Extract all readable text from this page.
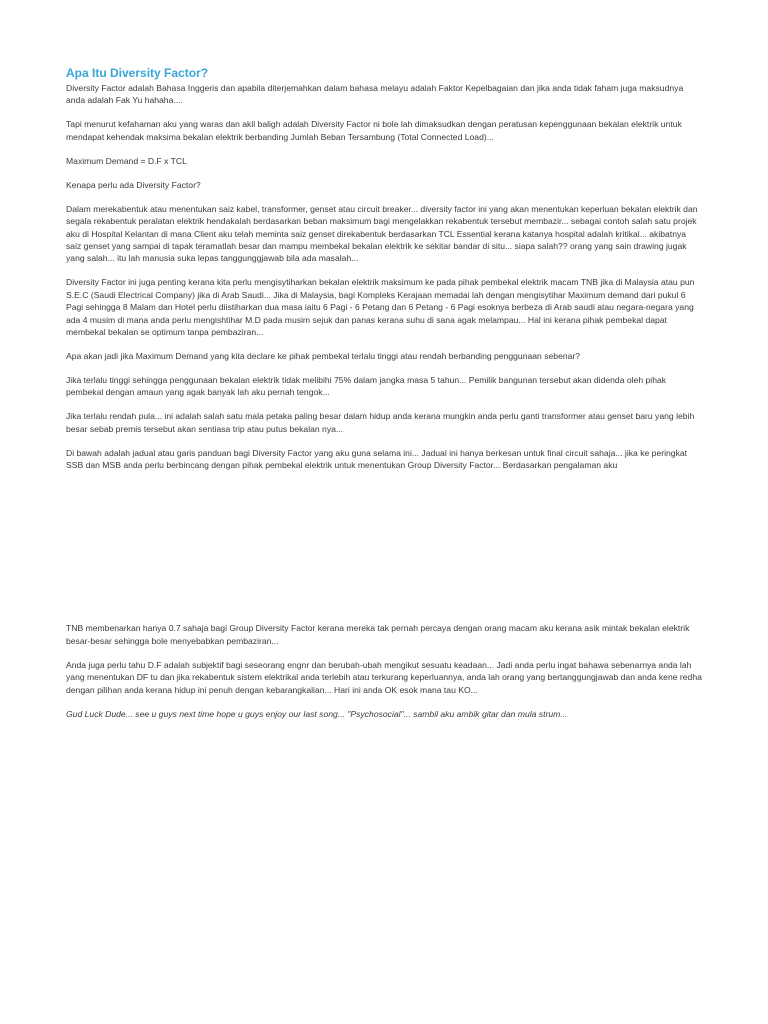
Apa Itu Diversity Factor?

Diversity Factor adalah Bahasa Inggeris dan apabila diterjemahkan dalam bahasa melayu adalah Faktor Kepelbagaian dan jika anda tidak faham juga maksudnya anda adalah Fak Yu hahaha....

Tapi menurut kefahaman aku yang waras dan akil baligh adalah Diversity Factor ni bole lah dimaksudkan dengan peratusan kepenggunaan bekalan elektrik untuk mendapat kehendak maksima bekalan elektrik berbanding Jumlah Beban Tersambung (Total Connected Load)...

Maximum Demand = D.F x TCL

Kenapa perlu ada Diversity Factor?

Dalam merekabentuk atau menentukan saiz kabel, transformer, genset atau circuit breaker... diversity factor ini yang akan menentukan keperluan bekalan elektrik dan segala rekabentuk peralatan elektrik hendakalah berdasarkan beban maksimum bagi mengelakkan rekabentuk tersebut membazir... sebagai contoh salah satu projek aku di Hospital Kelantan di mana Client aku telah meminta saiz genset direkabentuk berdasarkan TCL Essential kerana katanya hospital adalah kritikal... akibatnya saiz genset yang sampai di tapak teramatlah besar dan mampu membekal bekalan elektrik ke sekitar bandar di situ... siapa salah?? orang yang sain drawing jugak yang salah... itu lah manusia suka lepas tanggunggjawab bila ada masalah...

Diversity Factor ini juga penting kerana kita perlu mengisytiharkan bekalan elektrik maksimum ke pada pihak pembekal elektrik macam TNB jika di Malaysia atau pun S.E.C (Saudi Electrical Company) jika di Arab Saudi... Jika di Malaysia, bagi Kompleks Kerajaan memadai lah dengan mengisytihar Maximum demand dari pukul 6 Pagi sehingga 8 Malam dan Hotel perlu diistiharkan dua masa iaitu 6 Pagi - 6 Petang dan 6 Petang - 6 Pagi esoknya berbeza di Arab saudi atau negara-negara yang ada 4 musim di mana anda perlu mengishtihar M.D pada musim sejuk dan panas kerana suhu di sana agak melampau... Hal ini kerana pihak pembekal dapat membekal bekalan se optimum tanpa pembaziran...

Apa akan jadi jika Maximum Demand yang kita declare ke pihak pembekal terlalu tinggi atau rendah berbanding penggunaan sebenar?

Jika terlalu tinggi sehingga penggunaan bekalan elektrik tidak melibihi 75% dalam jangka masa 5 tahun... Pemilik bangunan tersebut akan didenda oleh pihak pembekal dengan amaun yang agak banyak lah aku pernah tengok...

Jika terlalu rendah pula... ini adalah salah satu mala petaka paling besar dalam hidup anda kerana mungkin anda perlu ganti transformer atau genset baru yang lebih besar sebab premis tersebut akan sentiasa trip atau putus bekalan nya...

Di bawah adalah jadual atau garis panduan bagi Diversity Factor yang aku guna selama ini... Jadual ini hanya berkesan untuk final circuit sahaja... jika ke peringkat SSB dan MSB anda perlu berbincang dengan pihak pembekal elektrik untuk menentukan Group Diversity Factor... Berdasarkan pengalaman aku

TNB membenarkan hanya 0.7 sahaja bagi Group Diversity Factor kerana mereka tak pernah percaya dengan orang macam aku kerana asik mintak bekalan elektrik besar-besar sehingga bole menyebabkan pembaziran...

Anda juga perlu tahu D.F adalah subjektif bagi seseorang engnr dan berubah-ubah mengikut sesuatu keadaan... Jadi anda perlu ingat bahawa sebenarnya anda lah yang menentukan DF tu dan jika rekabentuk sistem elektrikal anda terlebih atau terkurang keperluannya, anda lah orang yang bertanggungjawab dan anda kene redha dengan pilihan anda kerana hidup ini penuh dengan kebarangkalian... Hari ini anda OK esok mana tau KO...

Gud Luck Dude... see u guys next time hope u guys enjoy our last song... "Psychosocial"... sambil aku ambik gitar dan mula strum...
